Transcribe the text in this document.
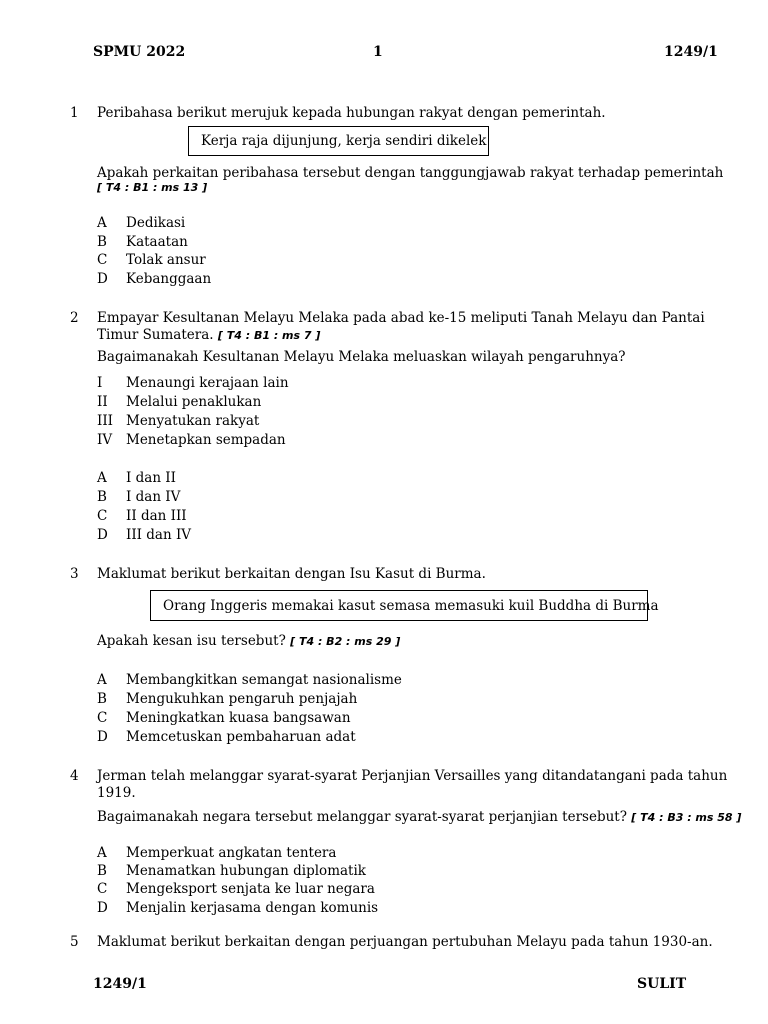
SPMU 2022	1	1249/1
1 Peribahasa berikut merujuk kepada hubungan rakyat dengan pemerintah.
Kerja raja dijunjung, kerja sendiri dikelek
Apakah perkaitan peribahasa tersebut dengan tanggungjawab rakyat terhadap pemerintah
[ T4 : B1 : ms 13 ]
A Dedikasi
B Kataatan
C Tolak ansur
D Kebanggaan
2 Empayar Kesultanan Melayu Melaka pada abad ke-15 meliputi Tanah Melayu dan Pantai
Timur Sumatera. [ T4 : B1 : ms 7 ]
Bagaimanakah Kesultanan Melayu Melaka meluaskan wilayah pengaruhnya?
I Menaungi kerajaan lain
II Melalui penaklukan
III Menyatukan rakyat
IV Menetapkan sempadan
A I dan II
B I dan IV
C II dan III
D III dan IV
3 Maklumat berikut berkaitan dengan Isu Kasut di Burma.
Orang Inggeris memakai kasut semasa memasuki kuil Buddha di Burma
Apakah kesan isu tersebut? [ T4 : B2 : ms 29 ]
A Membangkitkan semangat nasionalisme
B Mengukuhkan pengaruh penjajah
C Meningkatkan kuasa bangsawan
D Memcetuskan pembaharuan adat
4 Jerman telah melanggar syarat-syarat Perjanjian Versailles yang ditandatangani pada tahun
1919.
Bagaimanakah negara tersebut melanggar syarat-syarat perjanjian tersebut? [ T4 : B3 : ms 58 ]
A Memperkuat angkatan tentera
B Menamatkan hubungan diplomatik
C Mengeksport senjata ke luar negara
D Menjalin kerjasama dengan komunis
5 Maklumat berikut berkaitan dengan perjuangan pertubuhan Melayu pada tahun 1930-an.
1249/1	SULIT
